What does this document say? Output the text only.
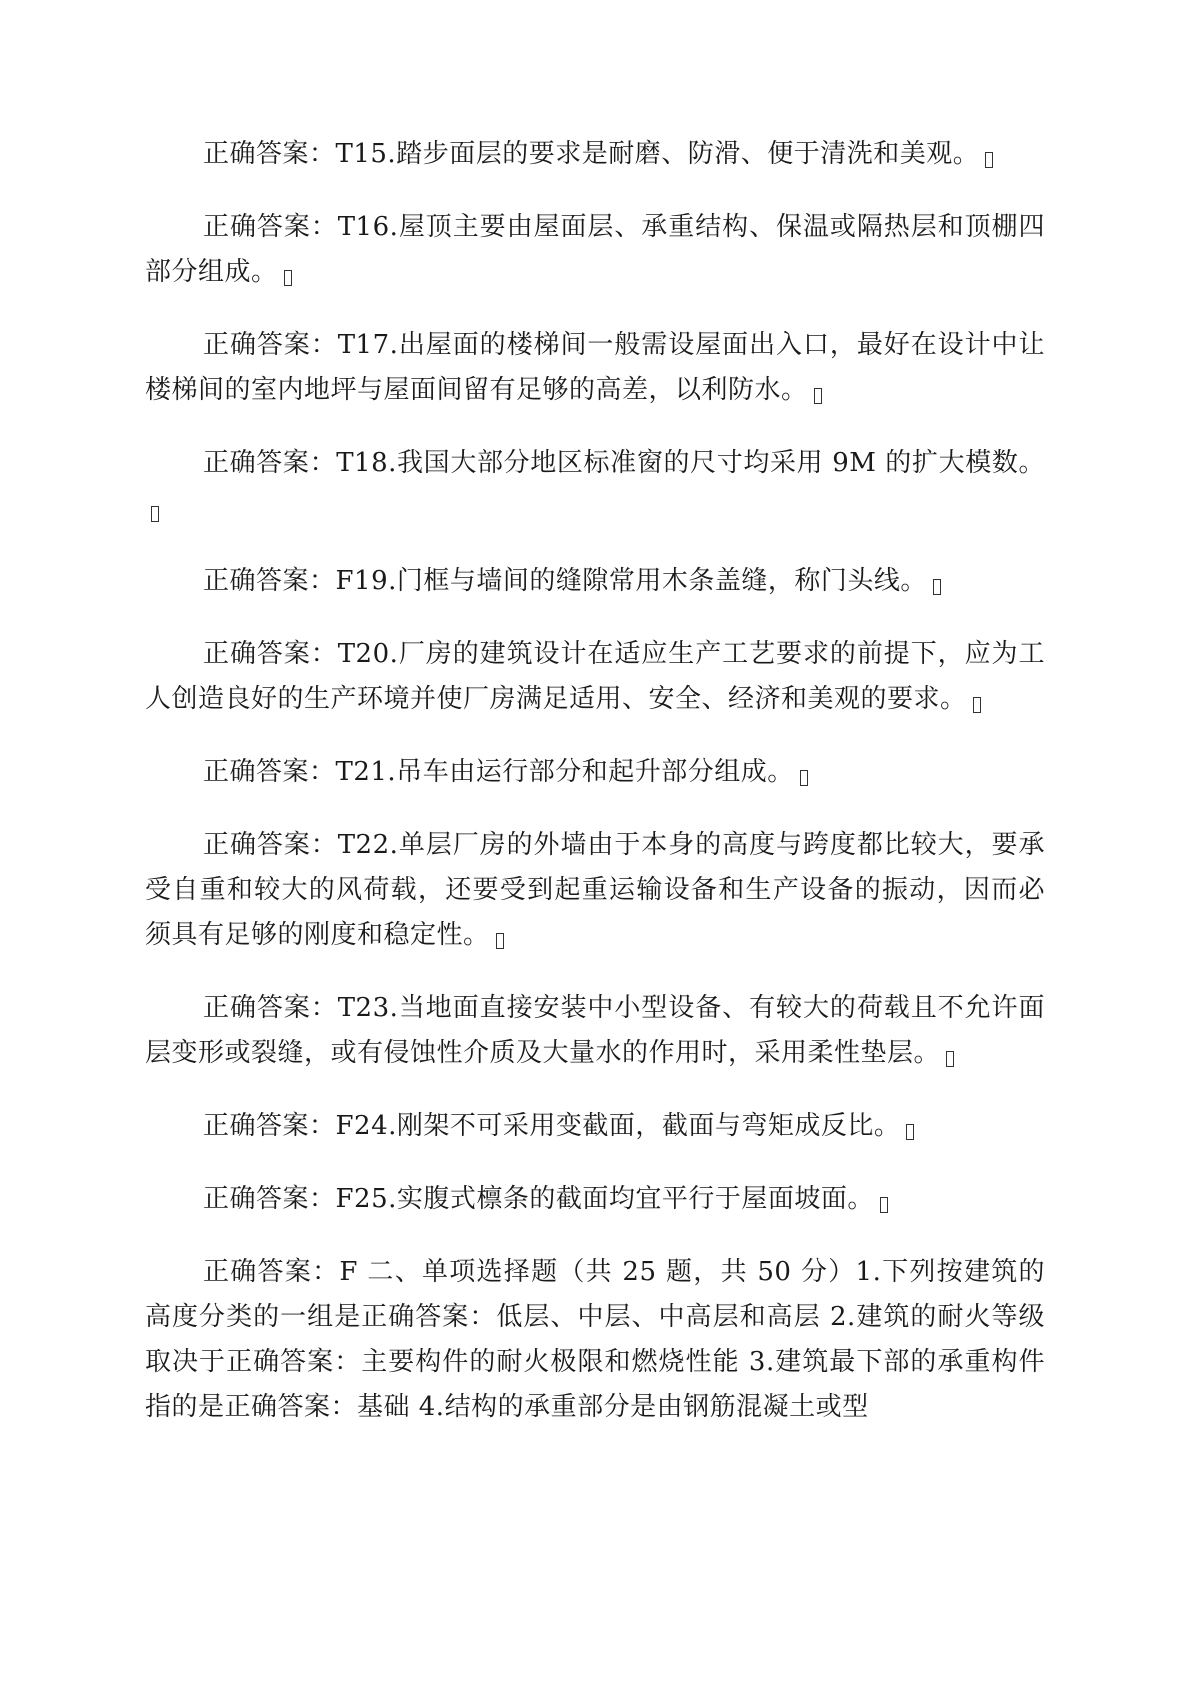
正确答案：T15.踏步面层的要求是耐磨、防滑、便于清洗和美观。

正确答案：T16.屋顶主要由屋面层、承重结构、保温或隔热层和顶棚四部分组成。

正确答案：T17.出屋面的楼梯间一般需设屋面出入口，最好在设计中让楼梯间的室内地坪与屋面间留有足够的高差，以利防水。

正确答案：T18.我国大部分地区标准窗的尺寸均采用 9M 的扩大模数。

正确答案：F19.门框与墙间的缝隙常用木条盖缝，称门头线。

正确答案：T20.厂房的建筑设计在适应生产工艺要求的前提下，应为工人创造良好的生产环境并使厂房满足适用、安全、经济和美观的要求。

正确答案：T21.吊车由运行部分和起升部分组成。

正确答案：T22.单层厂房的外墙由于本身的高度与跨度都比较大，要承受自重和较大的风荷载，还要受到起重运输设备和生产设备的振动，因而必须具有足够的刚度和稳定性。

正确答案：T23.当地面直接安装中小型设备、有较大的荷载且不允许面层变形或裂缝，或有侵蚀性介质及大量水的作用时，采用柔性垫层。

正确答案：F24.刚架不可采用变截面，截面与弯矩成反比。

正确答案：F25.实腹式檩条的截面均宜平行于屋面坡面。

正确答案：F 二、单项选择题（共 25 题，共 50 分）1.下列按建筑的高度分类的一组是正确答案：低层、中层、中高层和高层 2.建筑的耐火等级取决于正确答案：主要构件的耐火极限和燃烧性能 3.建筑最下部的承重构件指的是正确答案：基础 4.结构的承重部分是由钢筋混凝土或型
